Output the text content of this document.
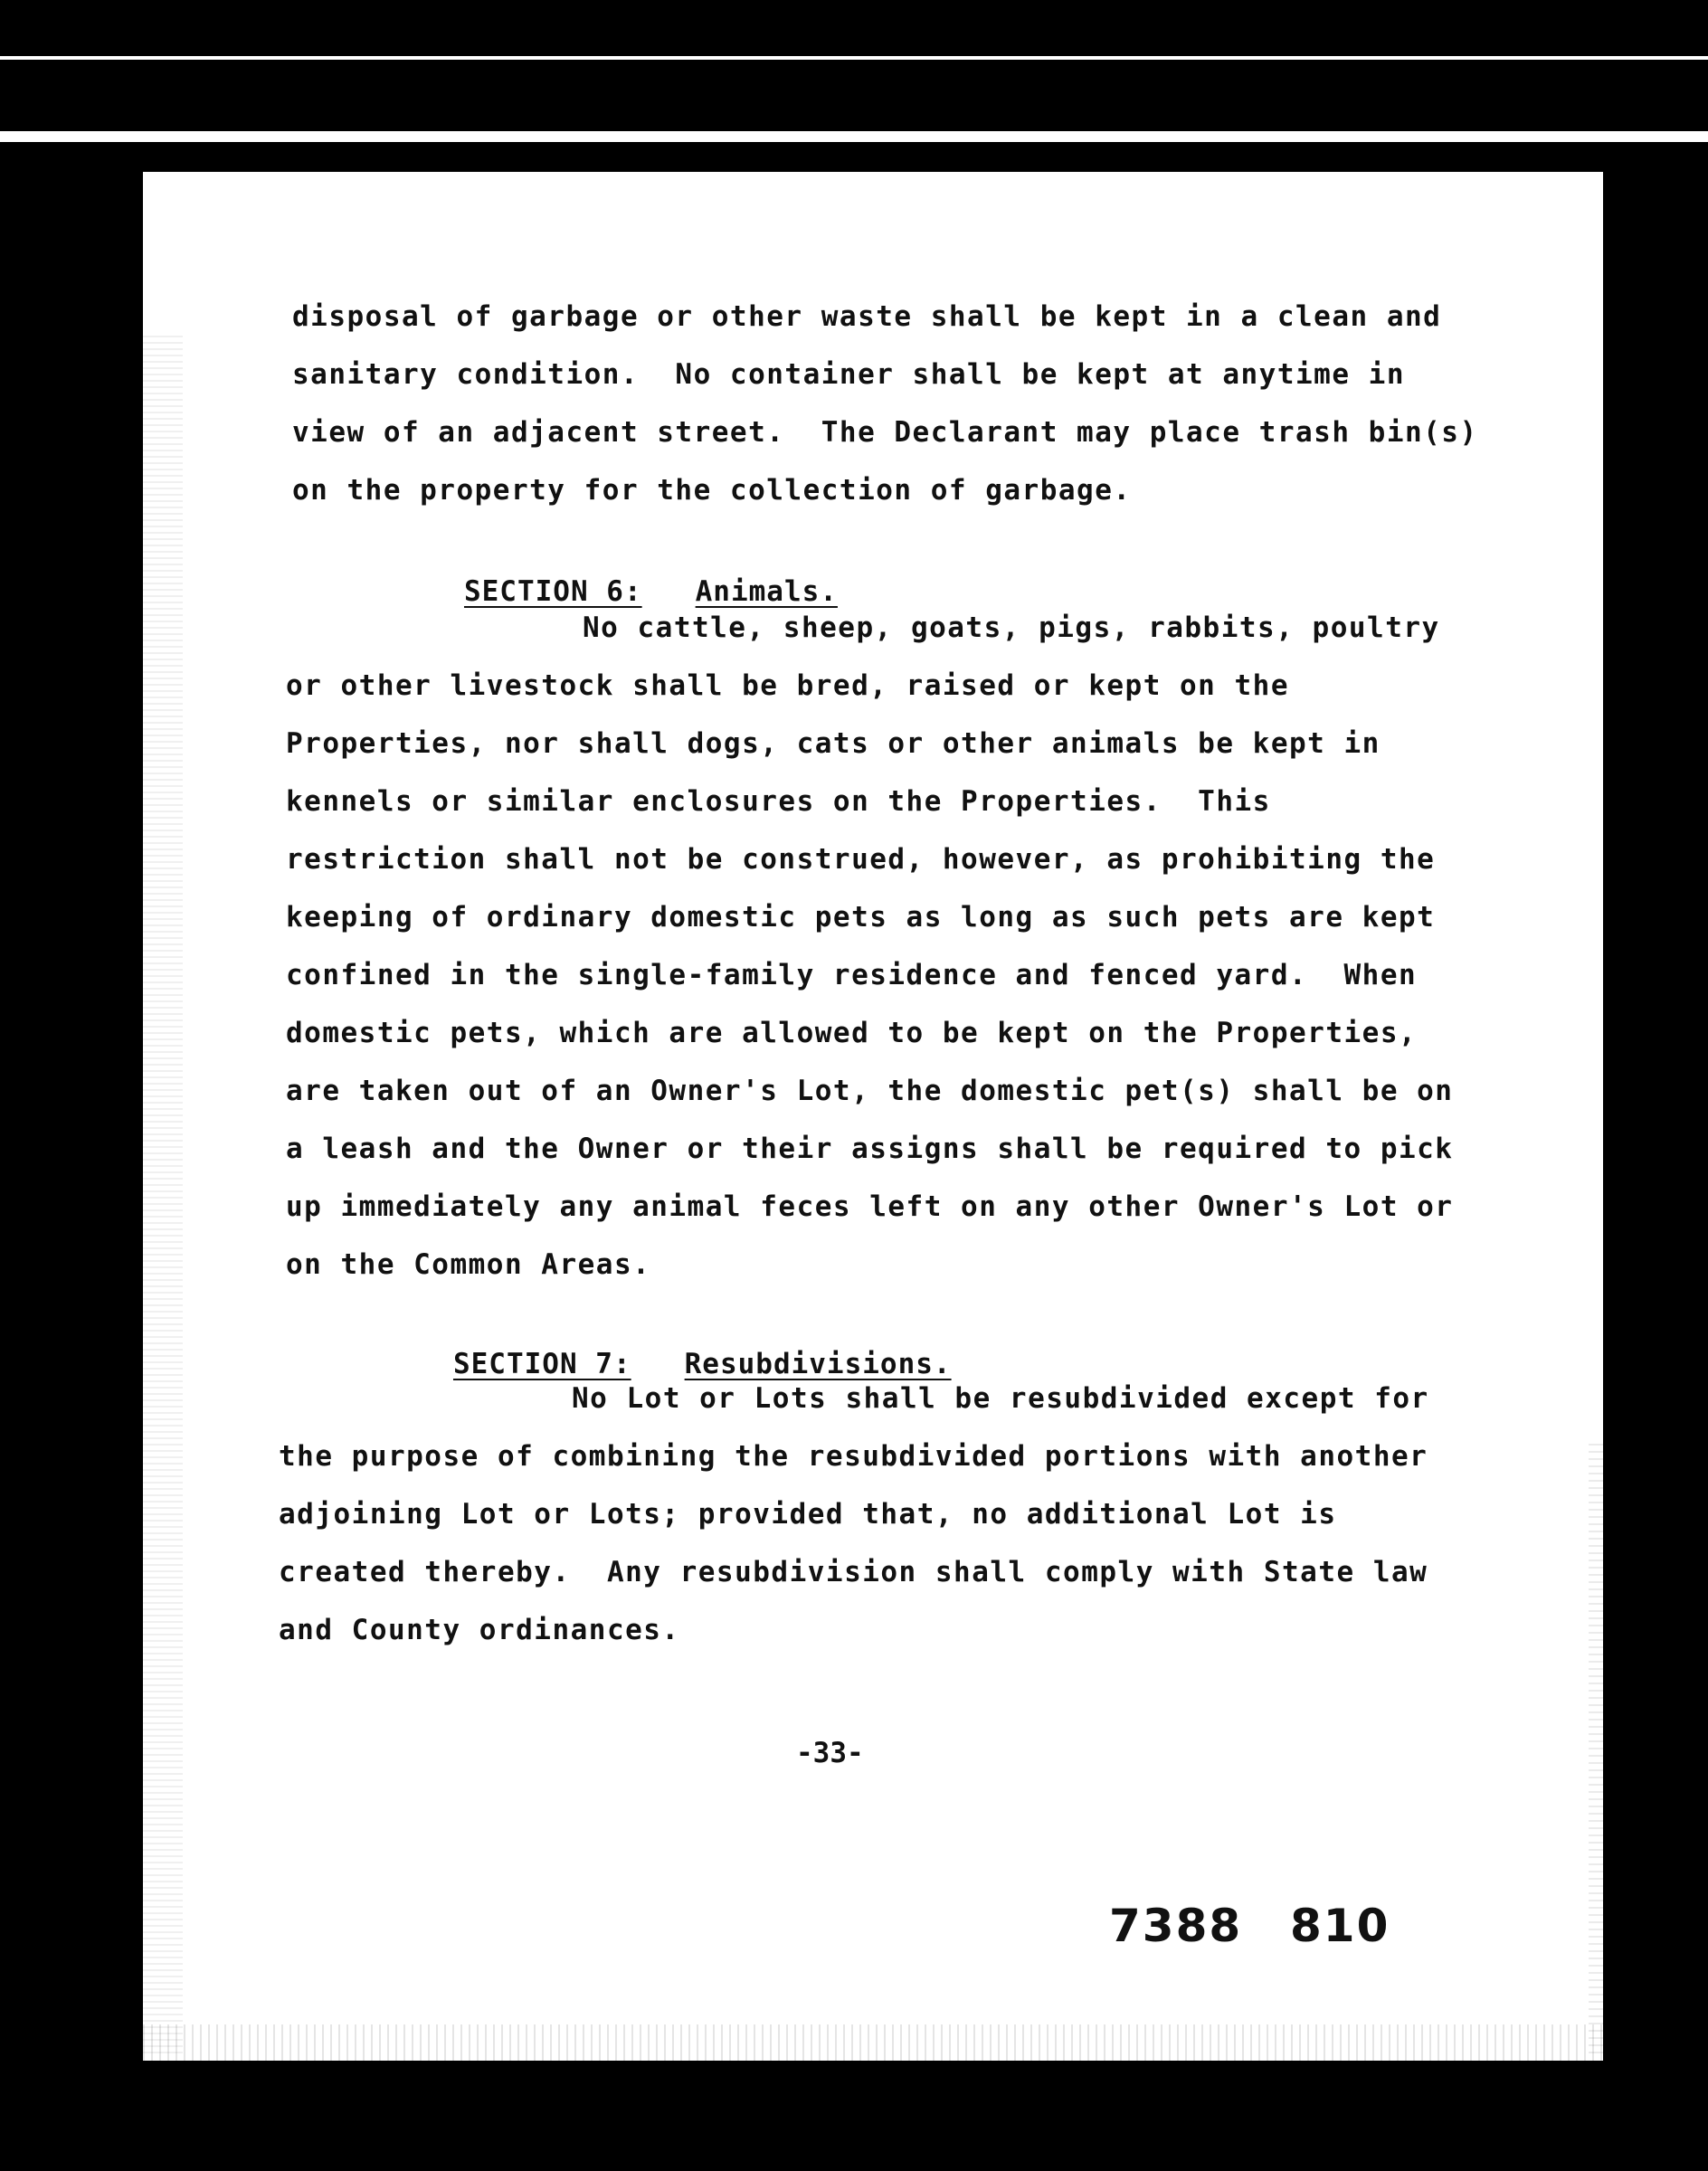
disposal of garbage or other waste shall be kept in a clean and

sanitary condition.  No container shall be kept at anytime in

view of an adjacent street.  The Declarant may place trash bin(s)

on the property for the collection of garbage.

SECTION 6: Animals.

No cattle, sheep, goats, pigs, rabbits, poultry

or other livestock shall be bred, raised or kept on the

Properties, nor shall dogs, cats or other animals be kept in

kennels or similar enclosures on the Properties.  This

restriction shall not be construed, however, as prohibiting the

keeping of ordinary domestic pets as long as such pets are kept

confined in the single-family residence and fenced yard.  When

domestic pets, which are allowed to be kept on the Properties,

are taken out of an Owner's Lot, the domestic pet(s) shall be on

a leash and the Owner or their assigns shall be required to pick

up immediately any animal feces left on any other Owner's Lot or

on the Common Areas.

SECTION 7: Resubdivisions.

No Lot or Lots shall be resubdivided except for

the purpose of combining the resubdivided portions with another

adjoining Lot or Lots; provided that, no additional Lot is

created thereby.  Any resubdivision shall comply with State law

and County ordinances.

-33-
7388 810
